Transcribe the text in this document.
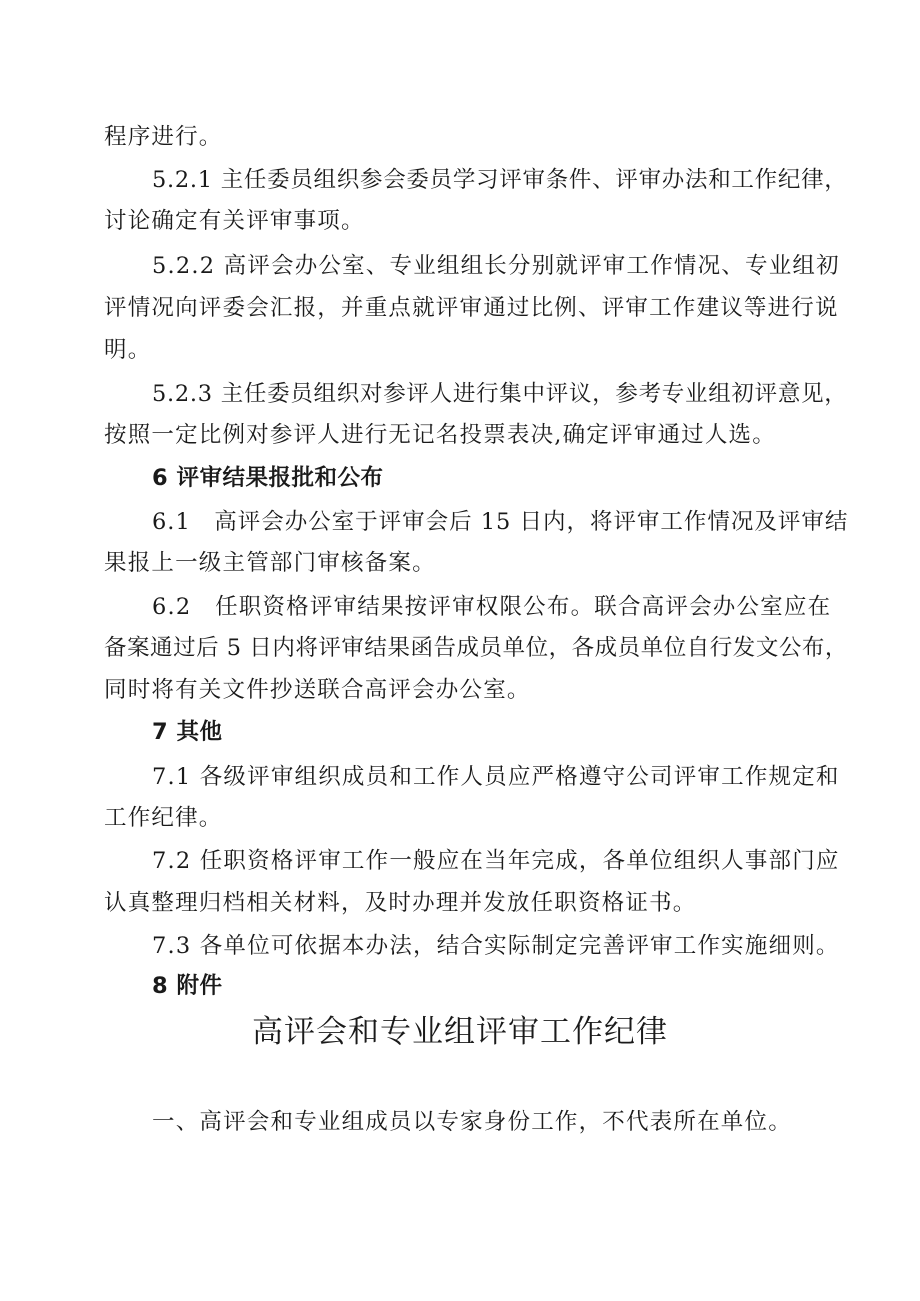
程序进行。
5.2.1 主任委员组织参会委员学习评审条件、评审办法和工作纪律，
讨论确定有关评审事项。
5.2.2 高评会办公室、专业组组长分别就评审工作情况、专业组初
评情况向评委会汇报，并重点就评审通过比例、评审工作建议等进行说
明。
5.2.3 主任委员组织对参评人进行集中评议，参考专业组初评意见，
按照一定比例对参评人进行无记名投票表决,确定评审通过人选。
6 评审结果报批和公布
6.1　高评会办公室于评审会后 15 日内，将评审工作情况及评审结
果报上一级主管部门审核备案。
6.2　任职资格评审结果按评审权限公布。联合高评会办公室应在
备案通过后 5 日内将评审结果函告成员单位，各成员单位自行发文公布，
同时将有关文件抄送联合高评会办公室。
7 其他
7.1 各级评审组织成员和工作人员应严格遵守公司评审工作规定和
工作纪律。
7.2 任职资格评审工作一般应在当年完成，各单位组织人事部门应
认真整理归档相关材料，及时办理并发放任职资格证书。
7.3 各单位可依据本办法，结合实际制定完善评审工作实施细则。
8 附件
高评会和专业组评审工作纪律
一、高评会和专业组成员以专家身份工作，不代表所在单位。
